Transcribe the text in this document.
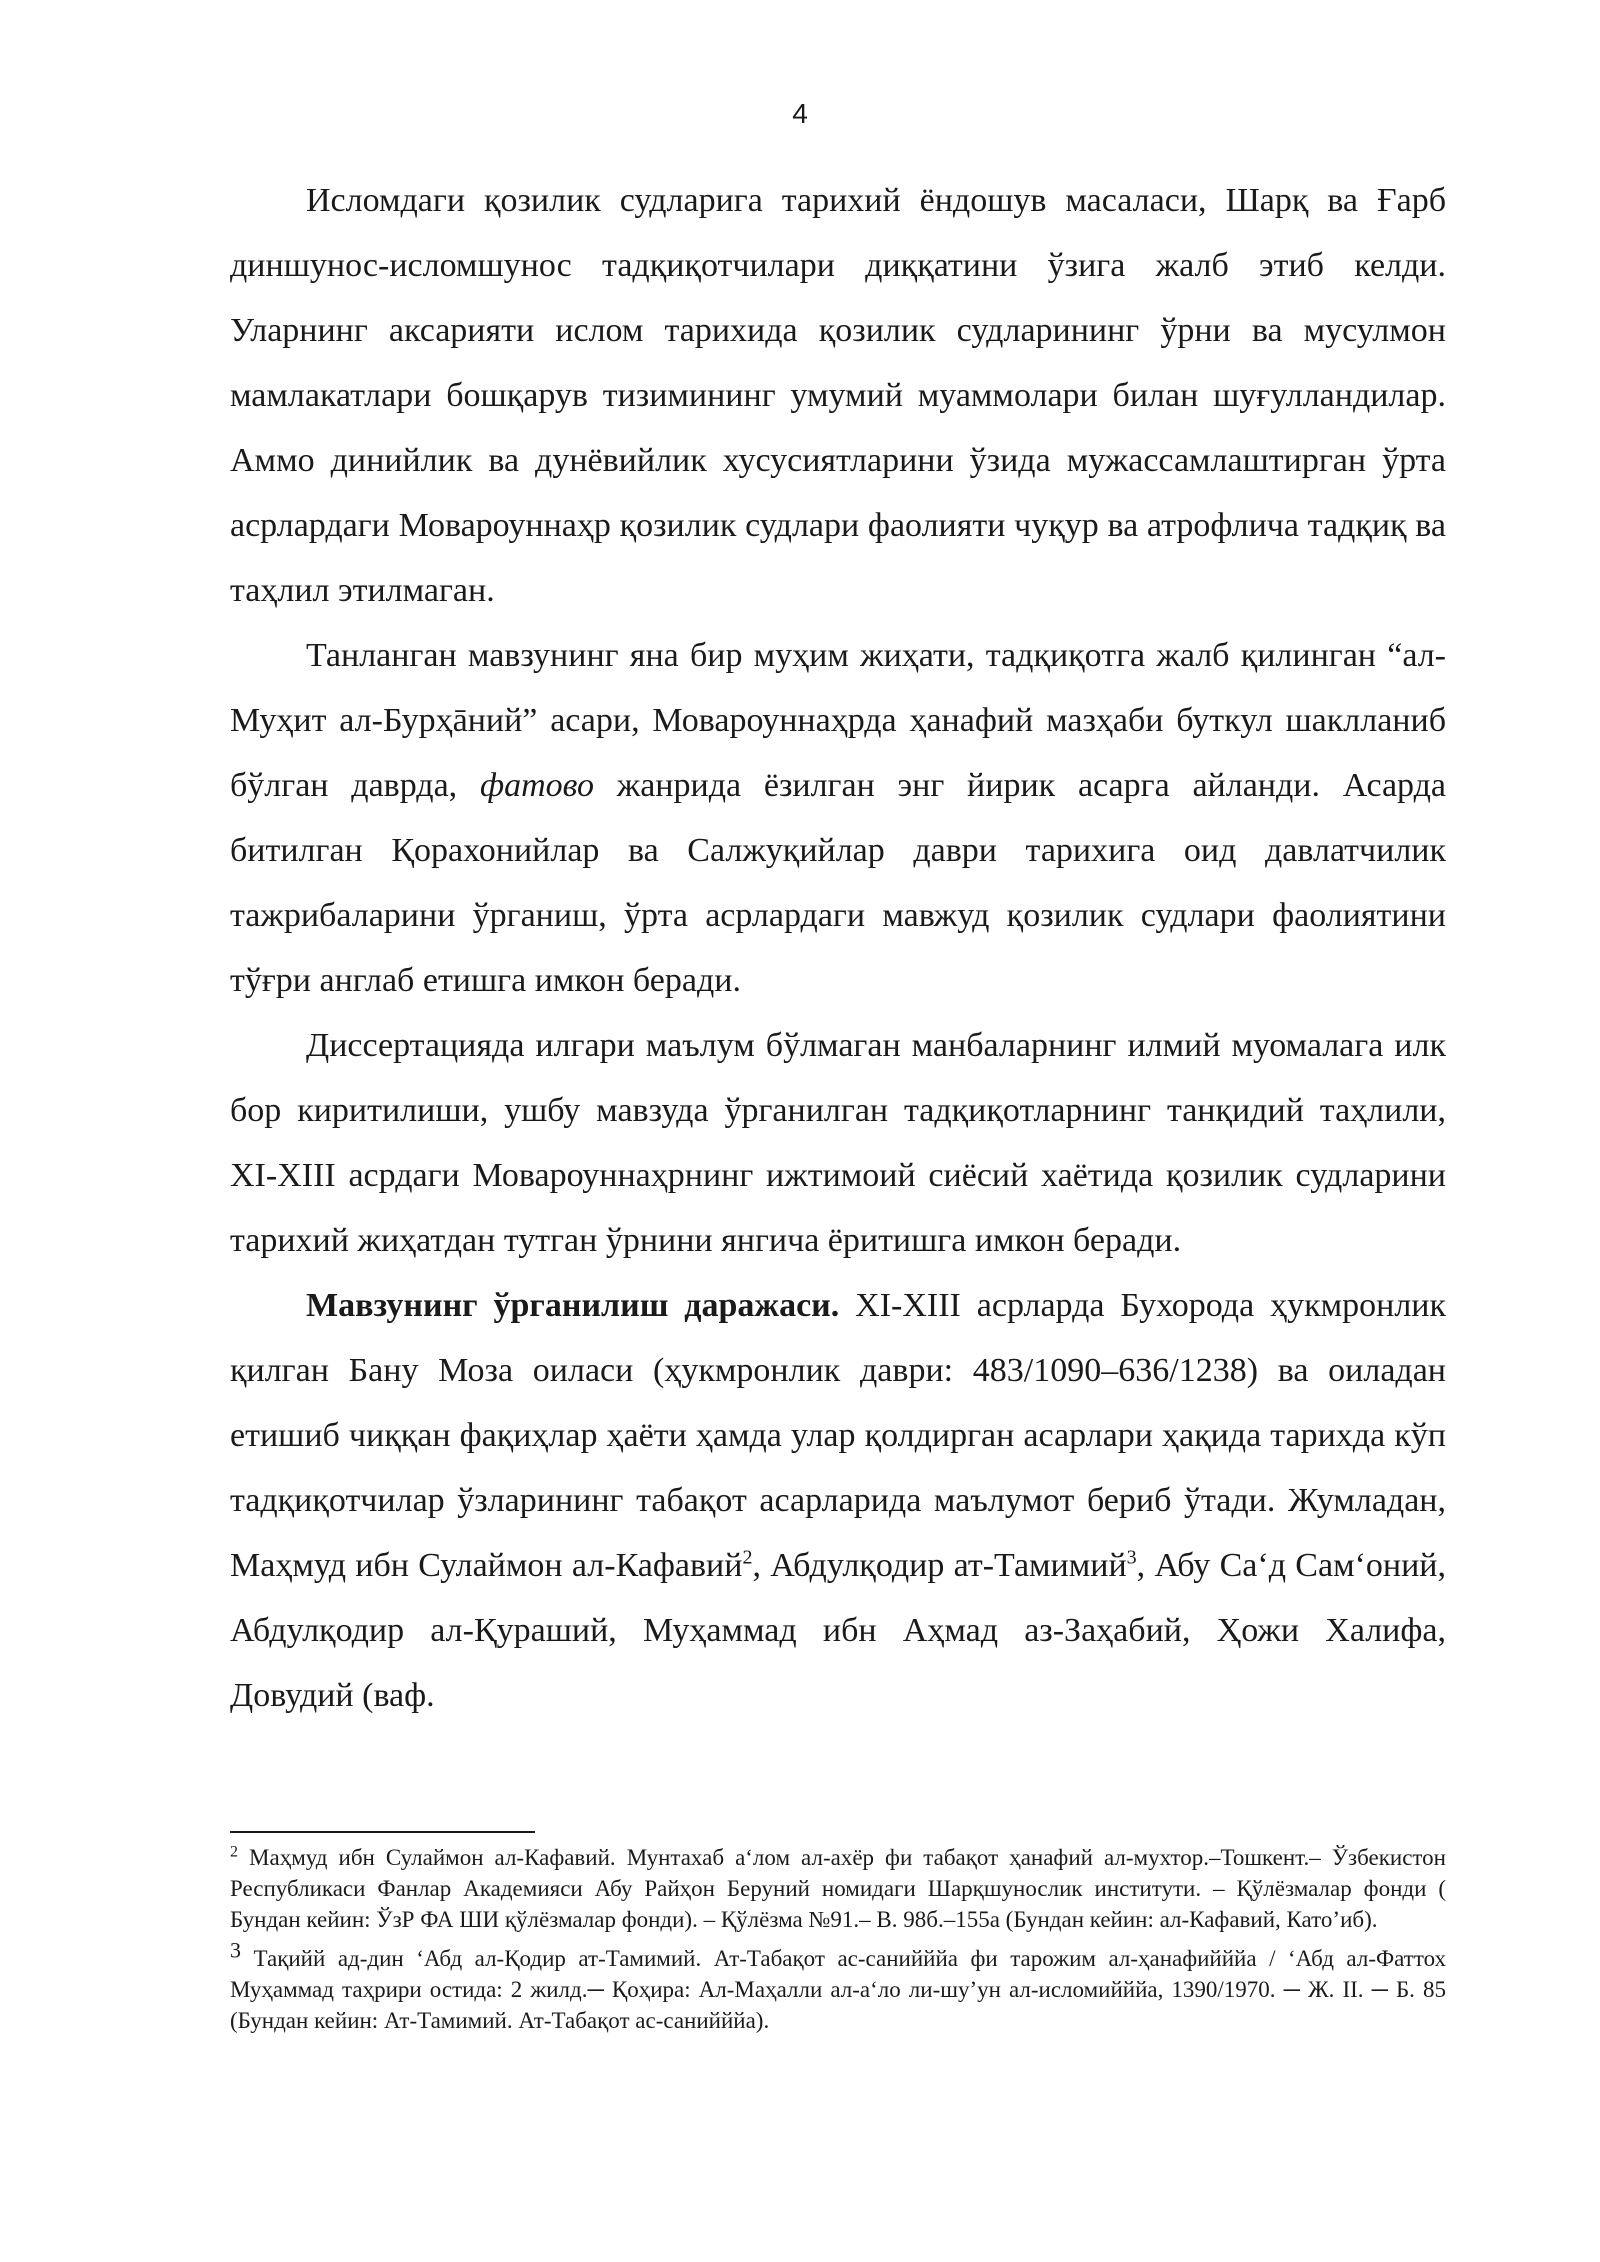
4

Исломдаги қозилик судларига тарихий ёндошув масаласи, Шарқ ва Ғарб диншунос-исломшунос тадқиқотчилари диққатини ўзига жалб этиб келди. Уларнинг аксарияти ислом тарихида қозилик судларининг ўрни ва мусулмон мамлакатлари бошқарув тизимининг умумий муаммолари билан шуғулландилар. Аммо динийлик ва дунёвийлик хусусиятларини ўзида мужассамлаштирган ўрта асрлардаги Мовароуннаҳр қозилик судлари фаолияти чуқур ва атрофлича тадқиқ ва таҳлил этилмаган.

Танланган мавзунинг яна бир муҳим жиҳати, тадқиқотга жалб қилинган “ал-Муҳит ал-Бурҳāний” асари, Мовароуннаҳрда ҳанафий мазҳаби буткул шаклланиб бўлган даврда, фатово жанрида ёзилган энг йирик асарга айланди. Асарда битилган Қорахонийлар ва Салжуқийлар даври тарихига оид давлатчилик тажрибаларини ўрганиш, ўрта асрлардаги мавжуд қозилик судлари фаолиятини тўғри англаб етишга имкон беради.

Диссертацияда илгари маълум бўлмаган манбаларнинг илмий муомалага илк бор киритилиши, ушбу мавзуда ўрганилган тадқиқотларнинг танқидий таҳлили, XI-XIII асрдаги Мовароуннаҳрнинг ижтимоий сиёсий хаётида қозилик судларини тарихий жиҳатдан тутган ўрнини янгича ёритишга имкон беради.

Мавзунинг ўрганилиш даражаси. XI-XIII асрларда Бухорода ҳукмронлик қилган Бану Моза оиласи (ҳукмронлик даври: 483/1090–636/1238) ва оиладан етишиб чиққан фақиҳлар ҳаёти ҳамда улар қолдирган асарлари ҳақида тарихда кўп тадқиқотчилар ўзларининг табақот асарларида маълумот бериб ўтади. Жумладан, Маҳмуд ибн Сулаймон ал-Кафавий$^2$, Абдулқодир ат-Тамимий$^3$, Абу Саʻд Самʻоний, Абдулқодир ал-Қураший, Муҳаммад ибн Аҳмад аз-Заҳабий, Ҳожи Халифа, Довудий (ваф.

$^2$ Маҳмуд ибн Сулаймон ал-Кафавий. Мунтахаб аʻлом ал-ахёр фи табақот ҳанафий ал-мухтор.–Тошкент.– Ўзбекистон Республикаси Фанлар Академияси Абу Райҳон Беруний номидаги Шарқшунослик институти. – Қўлёзмалар фонди ( Бундан кейин: ЎзР ФА ШИ қўлёзмалар фонди). – Қўлёзма №91.– В. 98б.–155а (Бундан кейин: ал-Кафавий, Катоʼиб).

3 Тақийй ад-дин ʻАбд ал-Қодир ат-Тамимий. Ат-Табақот ас-санийййа фи тарожим ал-ҳанафийййа / ʻАбд ал-Фаттох Муҳаммад таҳрири остида: 2 жилд.─ Қоҳира: Ал-Маҳалли ал-аʻло ли-шуʼун ал-исломийййа, 1390/1970. ─ Ж. II. ─ Б. 85 (Бундан кейин: Ат-Тамимий. Ат-Табақот ас-санийййа).
